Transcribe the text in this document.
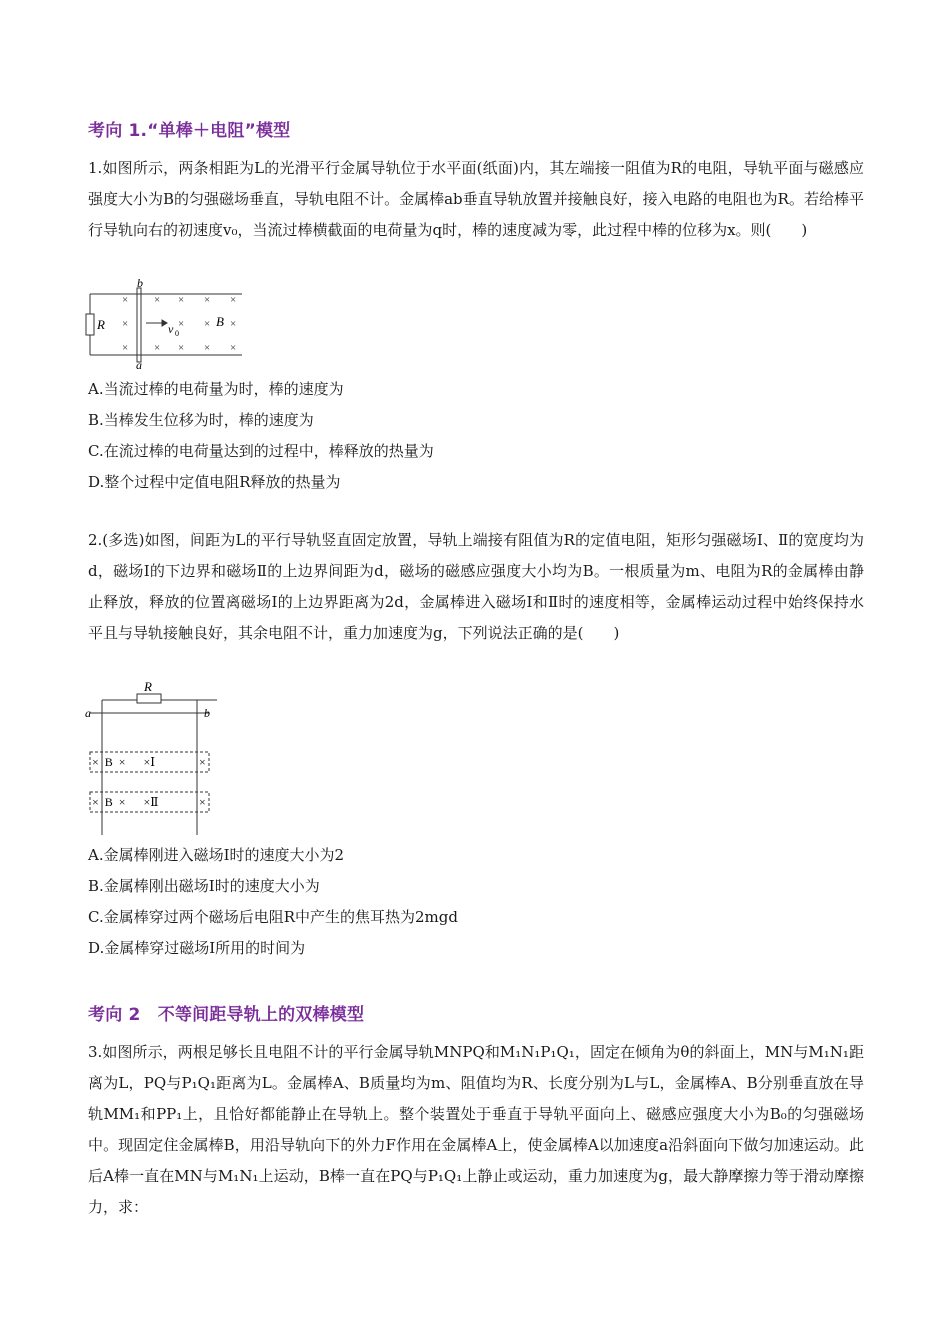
考向 1.“单棒＋电阻”模型
1.如图所示，两条相距为L的光滑平行金属导轨位于水平面(纸面)内，其左端接一阻值为R的电阻，导轨平面与磁感应强度大小为B的匀强磁场垂直，导轨电阻不计。金属棒ab垂直导轨放置并接触良好，接入电路的电阻也为R。若给棒平行导轨向右的初速度v₀，当流过棒横截面的电荷量为q时，棒的速度减为零，此过程中棒的位移为x。则(　　)
R
b
a
B
v 0
× × × × ×
×	× × ×
× × × × ×
A.当流过棒的电荷量为时，棒的速度为
B.当棒发生位移为时，棒的速度为
C.在流过棒的电荷量达到的过程中，棒释放的热量为
D.整个过程中定值电阻R释放的热量为
2.(多选)如图，间距为L的平行导轨竖直固定放置，导轨上端接有阻值为R的定值电阻，矩形匀强磁场Ⅰ、Ⅱ的宽度均为d，磁场Ⅰ的下边界和磁场Ⅱ的上边界间距为d，磁场的磁感应强度大小均为B。一根质量为m、电阻为R的金属棒由静止释放，释放的位置离磁场Ⅰ的上边界距离为2d，金属棒进入磁场Ⅰ和Ⅱ时的速度相等，金属棒运动过程中始终保持水平且与导轨接触良好，其余电阻不计，重力加速度为g，下列说法正确的是(　　)
R
a	b
×  B  ×      ×Ⅰ	×
×  B  ×      ×Ⅱ	×
A.金属棒刚进入磁场Ⅰ时的速度大小为2
B.金属棒刚出磁场Ⅰ时的速度大小为
C.金属棒穿过两个磁场后电阻R中产生的焦耳热为2mgd
D.金属棒穿过磁场Ⅰ所用的时间为
考向 2　不等间距导轨上的双棒模型
3.如图所示，两根足够长且电阻不计的平行金属导轨MNPQ和M₁N₁P₁Q₁，固定在倾角为θ的斜面上，MN与M₁N₁距离为L，PQ与P₁Q₁距离为L。金属棒A、B质量均为m、阻值均为R、长度分别为L与L，金属棒A、B分别垂直放在导轨MM₁和PP₁上，且恰好都能静止在导轨上。整个装置处于垂直于导轨平面向上、磁感应强度大小为B₀的匀强磁场中。现固定住金属棒B，用沿导轨向下的外力F作用在金属棒A上，使金属棒A以加速度a沿斜面向下做匀加速运动。此后A棒一直在MN与M₁N₁上运动，B棒一直在PQ与P₁Q₁上静止或运动，重力加速度为g，最大静摩擦力等于滑动摩擦力，求：
